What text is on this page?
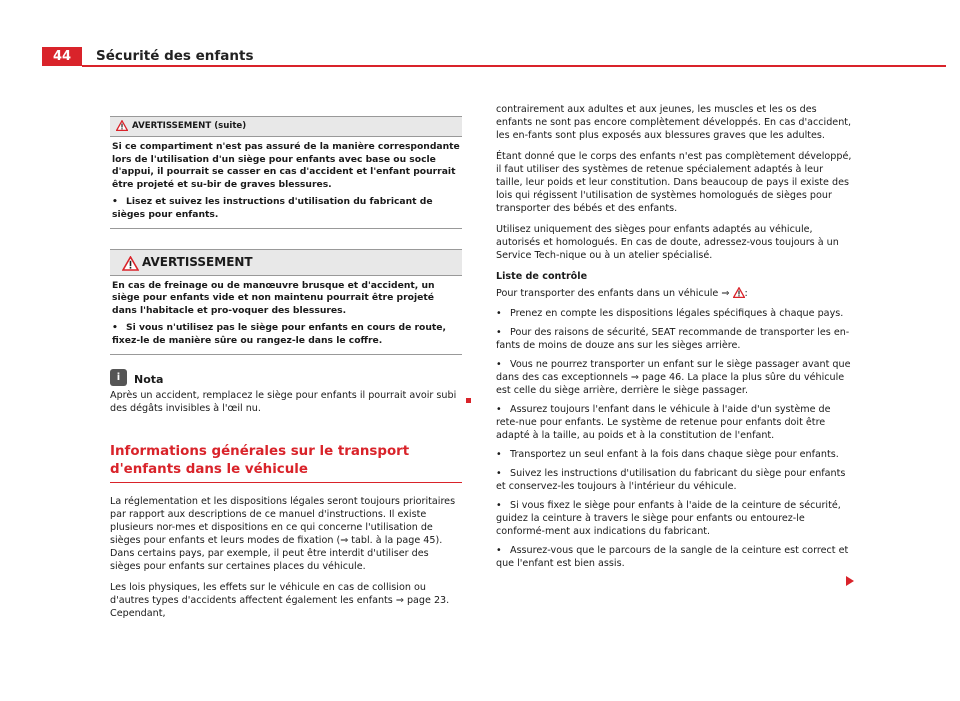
44	Sécurité des enfants
AVERTISSEMENT (suite)

Si ce compartiment n'est pas assuré de la manière correspondante lors de l'utilisation d'un siège pour enfants avec base ou socle d'appui, il pourrait se casser en cas d'accident et l'enfant pourrait être projeté et su-bir de graves blessures.

• Lisez et suivez les instructions d'utilisation du fabricant de sièges pour enfants.

AVERTISSEMENT

En cas de freinage ou de manœuvre brusque et d'accident, un siège pour enfants vide et non maintenu pourrait être projeté dans l'habitacle et pro-voquer des blessures.

• Si vous n'utilisez pas le siège pour enfants en cours de route, fixez-le de manière sûre ou rangez-le dans le coffre.

i	Nota

Après un accident, remplacez le siège pour enfants il pourrait avoir subi des dégâts invisibles à l'œil nu.

Informations générales sur le transport d'enfants dans le véhicule

La réglementation et les dispositions légales seront toujours prioritaires par rapport aux descriptions de ce manuel d'instructions. Il existe plusieurs nor-mes et dispositions en ce qui concerne l'utilisation de sièges pour enfants et leurs modes de fixation (⇒ tabl. à la page 45). Dans certains pays, par exemple, il peut être interdit d'utiliser des sièges pour enfants sur certaines places du véhicule.

Les lois physiques, les effets sur le véhicule en cas de collision ou d'autres types d'accidents affectent également les enfants ⇒ page 23. Cependant,

contrairement aux adultes et aux jeunes, les muscles et les os des enfants ne sont pas encore complètement développés. En cas d'accident, les en-fants sont plus exposés aux blessures graves que les adultes.

Étant donné que le corps des enfants n'est pas complètement développé, il faut utiliser des systèmes de retenue spécialement adaptés à leur taille, leur poids et leur constitution. Dans beaucoup de pays il existe des lois qui régissent l'utilisation de systèmes homologués de sièges pour transporter des bébés et des enfants.

Utilisez uniquement des sièges pour enfants adaptés au véhicule, autorisés et homologués. En cas de doute, adressez-vous toujours à un Service Tech-nique ou à un atelier spécialisé.

Liste de contrôle

Pour transporter des enfants dans un véhicule ⇒ :

• Prenez en compte les dispositions légales spécifiques à chaque pays.

• Pour des raisons de sécurité, SEAT recommande de transporter les en-fants de moins de douze ans sur les sièges arrière.

• Vous ne pourrez transporter un enfant sur le siège passager avant que dans des cas exceptionnels ⇒ page 46. La place la plus sûre du véhicule est celle du siège arrière, derrière le siège passager.

• Assurez toujours l'enfant dans le véhicule à l'aide d'un système de rete-nue pour enfants. Le système de retenue pour enfants doit être adapté à la taille, au poids et à la constitution de l'enfant.

• Transportez un seul enfant à la fois dans chaque siège pour enfants.

• Suivez les instructions d'utilisation du fabricant du siège pour enfants et conservez-les toujours à l'intérieur du véhicule.

• Si vous fixez le siège pour enfants à l'aide de la ceinture de sécurité, guidez la ceinture à travers le siège pour enfants ou entourez-le conformé-ment aux indications du fabricant.

• Assurez-vous que le parcours de la sangle de la ceinture est correct et que l'enfant est bien assis.
